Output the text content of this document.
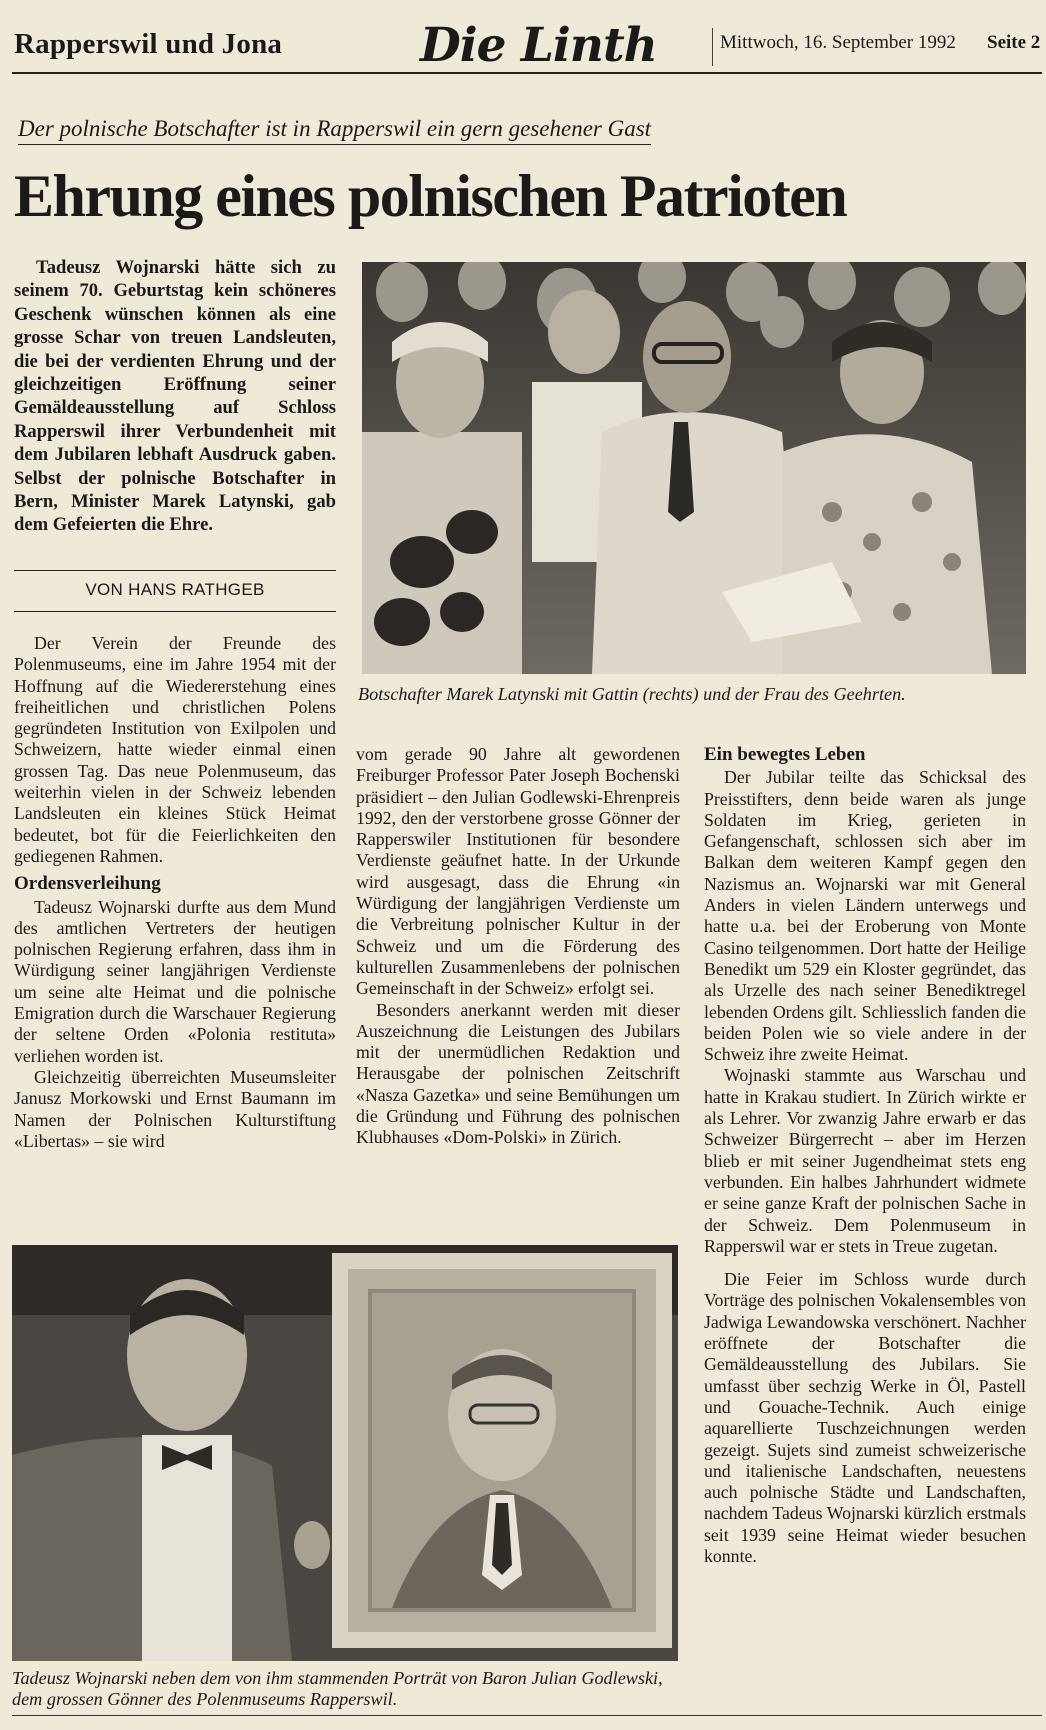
Rapperswil und Jona	Die Linth	Mittwoch, 16. September 1992 Seite 2
Der polnische Botschafter ist in Rapperswil ein gern gesehener Gast
Ehrung eines polnischen Patrioten
Tadeusz Wojnarski hätte sich zu seinem 70. Geburtstag kein schöneres Geschenk wünschen können als eine grosse Schar von treuen Landsleuten, die bei der verdienten Ehrung und der gleichzeitigen Eröffnung seiner Gemäldeausstellung auf Schloss Rapperswil ihrer Verbundenheit mit dem Jubilaren lebhaft Ausdruck gaben. Selbst der polnische Botschafter in Bern, Minister Marek Latynski, gab dem Gefeierten die Ehre.
VON HANS RATHGEB
Botschafter Marek Latynski mit Gattin (rechts) und der Frau des Geehrten.

Der Verein der Freunde des Polenmuseums, eine im Jahre 1954 mit der Hoffnung auf die Wiedererstehung eines freiheitlichen und christlichen Polens gegründeten Institution von Exilpolen und Schweizern, hatte wieder einmal einen grossen Tag. Das neue Polenmuseum, das weiterhin vielen in der Schweiz lebenden Landsleuten ein kleines Stück Heimat bedeutet, bot für die Feierlichkeiten den gediegenen Rahmen.

Ordensverleihung

Tadeusz Wojnarski durfte aus dem Mund des amtlichen Vertreters der heutigen polnischen Regierung erfahren, dass ihm in Würdigung seiner langjährigen Verdienste um seine alte Heimat und die polnische Emigration durch die Warschauer Regierung der seltene Orden «Polonia restituta» verliehen worden ist.

Gleichzeitig überreichten Museumsleiter Janusz Morkowski und Ernst Baumann im Namen der Polnischen Kulturstiftung «Libertas» – sie wird

vom gerade 90 Jahre alt gewordenen Freiburger Professor Pater Joseph Bochenski präsidiert – den Julian Godlewski-Ehrenpreis 1992, den der verstorbene grosse Gönner der Rapperswiler Institutionen für besondere Verdienste geäufnet hatte. In der Urkunde wird ausgesagt, dass die Ehrung «in Würdigung der langjährigen Verdienste um die Verbreitung polnischer Kultur in der Schweiz und um die Förderung des kulturellen Zusammenlebens der polnischen Gemeinschaft in der Schweiz» erfolgt sei.

Besonders anerkannt werden mit dieser Auszeichnung die Leistungen des Jubilars mit der unermüdlichen Redaktion und Herausgabe der polnischen Zeitschrift «Nasza Gazetka» und seine Bemühungen um die Gründung und Führung des polnischen Klubhauses «Dom-Polski» in Zürich.

Ein bewegtes Leben

Der Jubilar teilte das Schicksal des Preisstifters, denn beide waren als junge Soldaten im Krieg, gerieten in Gefangenschaft, schlossen sich aber im Balkan dem weiteren Kampf gegen den Nazismus an. Wojnarski war mit General Anders in vielen Ländern unterwegs und hatte u.a. bei der Eroberung von Monte Casino teilgenommen. Dort hatte der Heilige Benedikt um 529 ein Kloster gegründet, das als Urzelle des nach seiner Benediktregel lebenden Ordens gilt. Schliesslich fanden die beiden Polen wie so viele andere in der Schweiz ihre zweite Heimat.

Wojnaski stammte aus Warschau und hatte in Krakau studiert. In Zürich wirkte er als Lehrer. Vor zwanzig Jahre erwarb er das Schweizer Bürgerrecht – aber im Herzen blieb er mit seiner Jugendheimat stets eng verbunden. Ein halbes Jahrhundert widmete er seine ganze Kraft der polnischen Sache in der Schweiz. Dem Polenmuseum in Rapperswil war er stets in Treue zugetan.

Die Feier im Schloss wurde durch Vorträge des polnischen Vokalensembles von Jadwiga Lewandowska verschönert. Nachher eröffnete der Botschafter die Gemäldeausstellung des Jubilars. Sie umfasst über sechzig Werke in Öl, Pastell und Gouache-Technik. Auch einige aquarellierte Tuschzeichnungen werden gezeigt. Sujets sind zumeist schweizerische und italienische Landschaften, neuestens auch polnische Städte und Landschaften, nachdem Tadeus Wojnarski kürzlich erstmals seit 1939 seine Heimat wieder besuchen konnte.

Tadeusz Wojnarski neben dem von ihm stammenden Porträt von Baron Julian Godlewski, dem grossen Gönner des Polenmuseums Rapperswil.
